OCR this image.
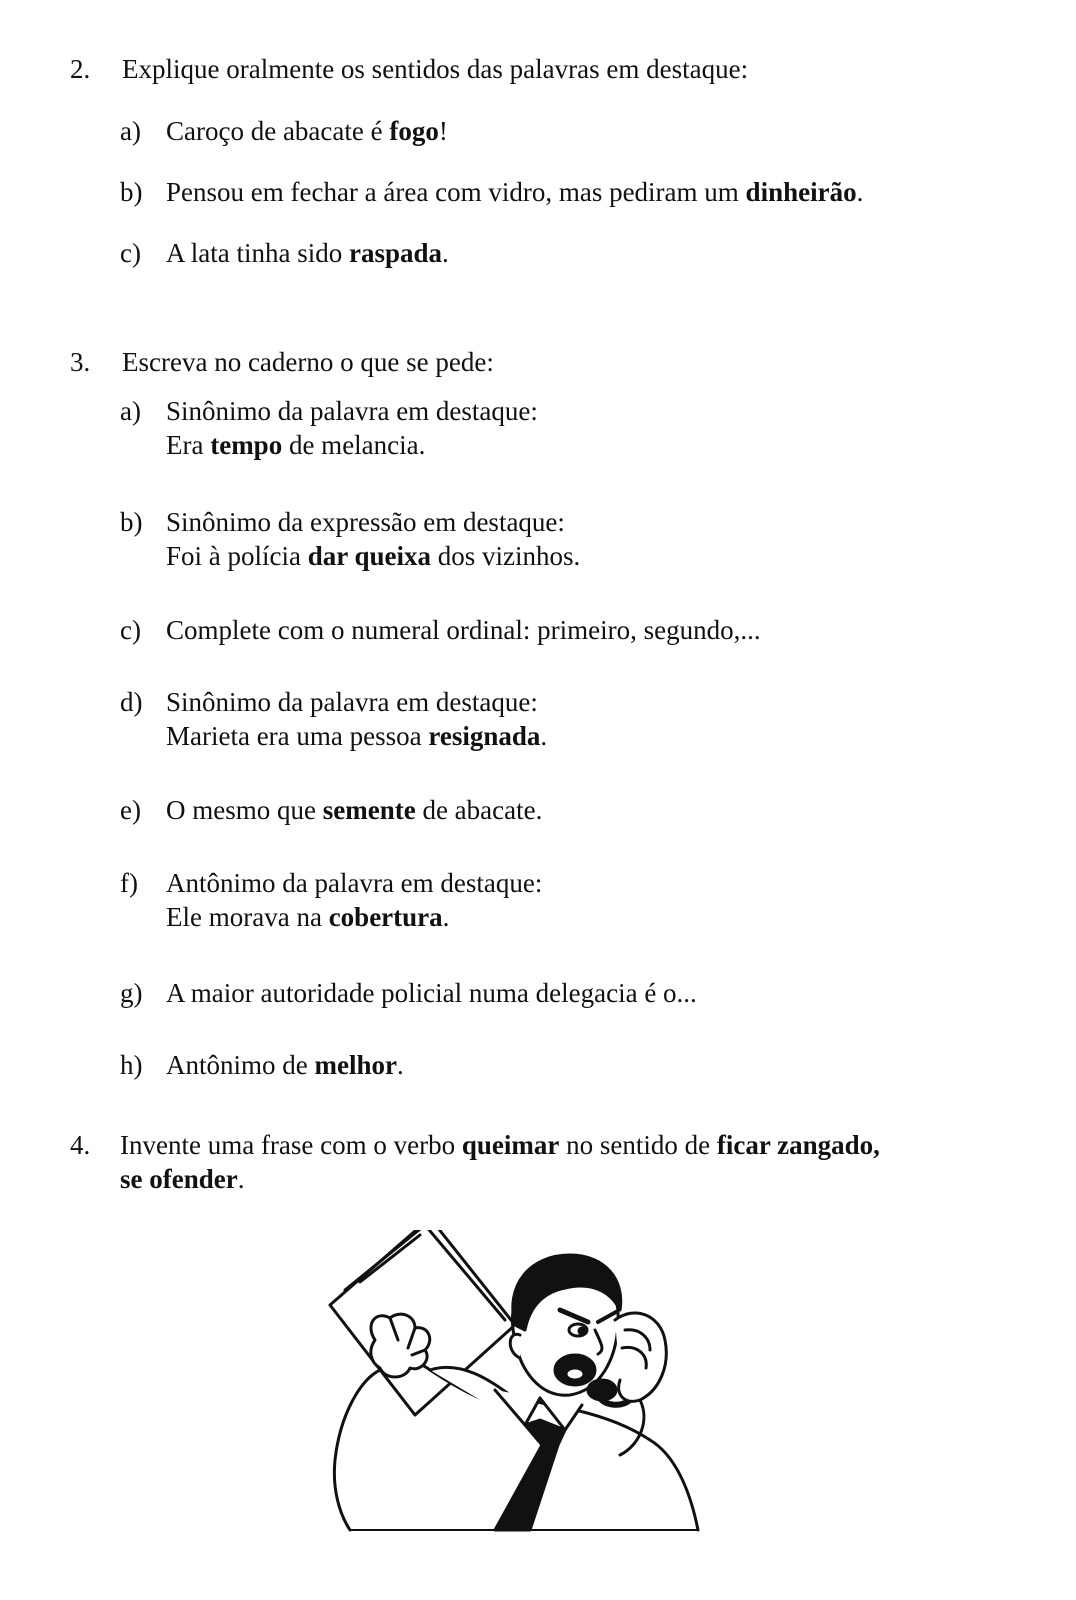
2.	Explique oralmente os sentidos das palavras em destaque:
a) Caroço de abacate é fogo!
b) Pensou em fechar a área com vidro, mas pediram um dinheirão.
c) A lata tinha sido raspada.
3.	Escreva no caderno o que se pede:
a) Sinônimo da palavra em destaque:
Era tempo de melancia.
b) Sinônimo da expressão em destaque:
Foi à polícia dar queixa dos vizinhos.
c) Complete com o numeral ordinal: primeiro, segundo,...
d) Sinônimo da palavra em destaque:
Marieta era uma pessoa resignada.
e) O mesmo que semente de abacate.
f)	Antônimo da palavra em destaque:
Ele morava na cobertura.
g) A maior autoridade policial numa delegacia é o...
h) Antônimo de melhor.
4.	Invente uma frase com o verbo queimar no sentido de ficar zangado,
se ofender.
